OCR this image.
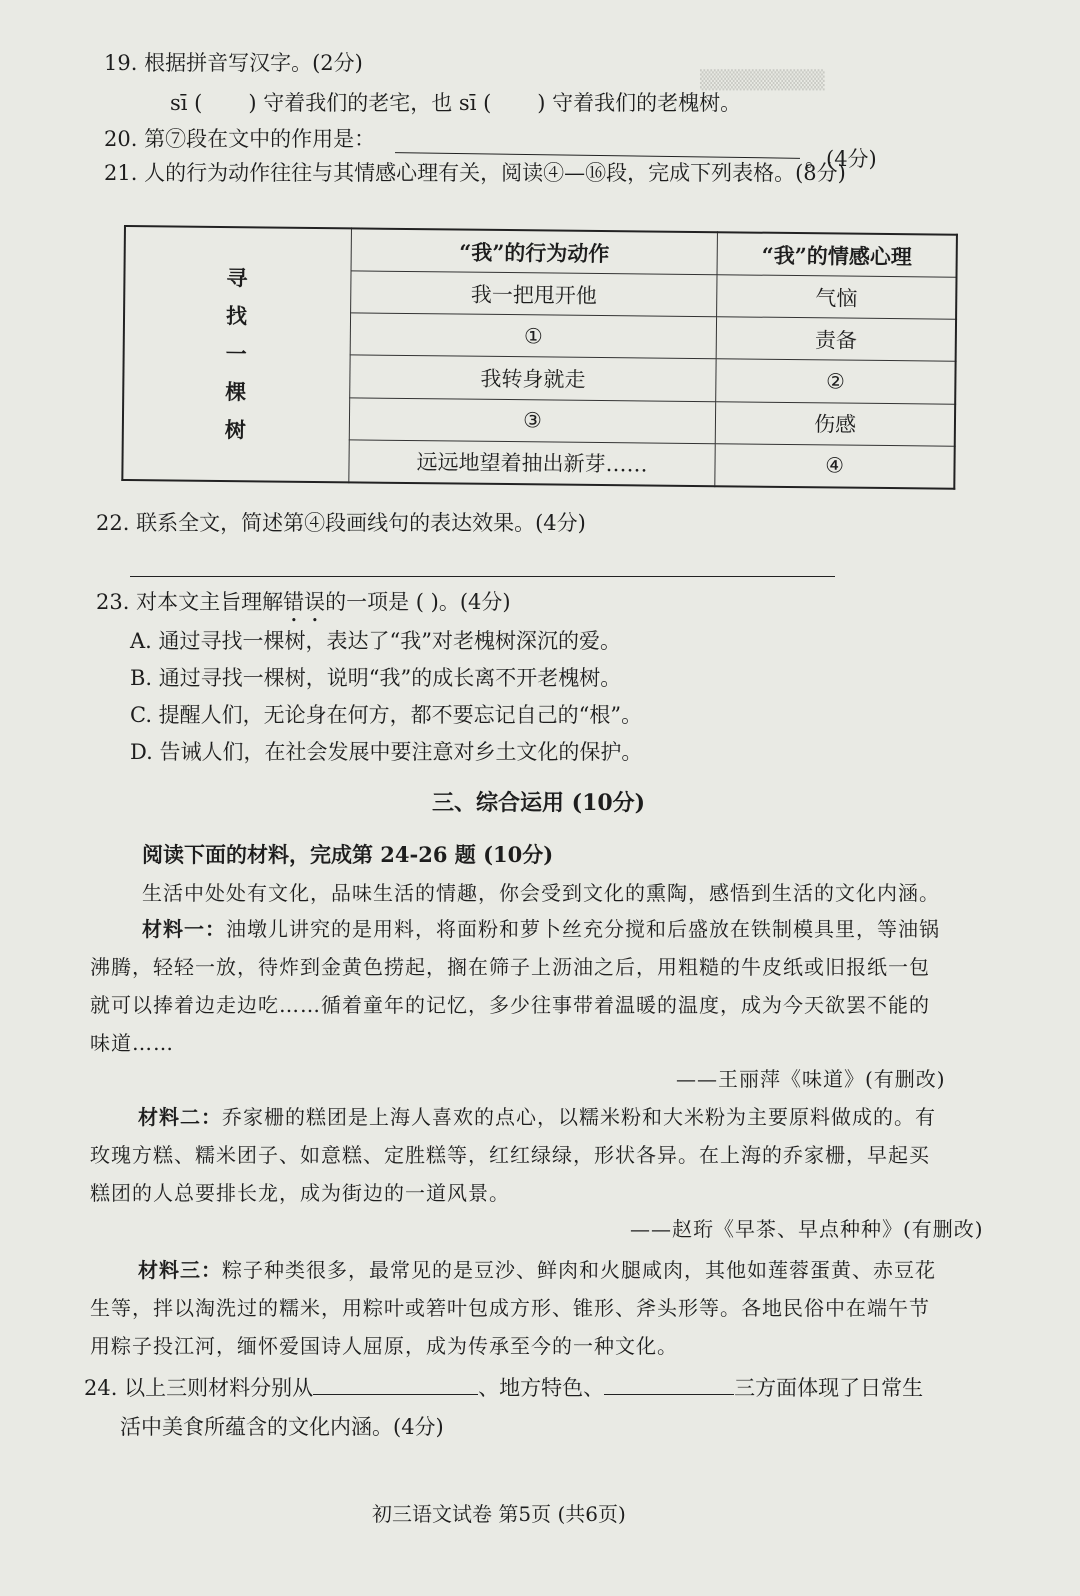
▒▒▒▒▒▒▒▒▒
19. 根据拼音写汉字。(2分)
sī ( ) 守着我们的老宅，也 sī ( ) 守着我们的老槐树。
20. 第⑦段在文中的作用是：
。(4分)
21. 人的行为动作往往与其情感心理有关，阅读④—⑯段，完成下列表格。(8分)
寻
找
一
棵
树	“我”的行为动作	“我”的情感心理
	我一把甩开他	气恼
	①	责备
	我转身就走	②
	③	伤感
	远远地望着抽出新芽……	④
22. 联系全文，简述第④段画线句的表达效果。(4分)
23. 对本文主旨理解错误的一项是 ( )。(4分)
A. 通过寻找一棵树，表达了“我”对老槐树深沉的爱。
B. 通过寻找一棵树，说明“我”的成长离不开老槐树。
C. 提醒人们，无论身在何方，都不要忘记自己的“根”。
D. 告诫人们，在社会发展中要注意对乡土文化的保护。
三、综合运用 (10分)
阅读下面的材料，完成第 24-26 题 (10分)
生活中处处有文化，品味生活的情趣，你会受到文化的熏陶，感悟到生活的文化内涵。
材料一：油墩儿讲究的是用料，将面粉和萝卜丝充分搅和后盛放在铁制模具里，等油锅
沸腾，轻轻一放，待炸到金黄色捞起，搁在筛子上沥油之后，用粗糙的牛皮纸或旧报纸一包
就可以捧着边走边吃……循着童年的记忆，多少往事带着温暖的温度，成为今天欲罢不能的
味道……
——王丽萍《味道》(有删改)
材料二：乔家栅的糕团是上海人喜欢的点心，以糯米粉和大米粉为主要原料做成的。有
玫瑰方糕、糯米团子、如意糕、定胜糕等，红红绿绿，形状各异。在上海的乔家栅，早起买
糕团的人总要排长龙，成为街边的一道风景。
——赵珩《早茶、早点种种》(有删改)
材料三：粽子种类很多，最常见的是豆沙、鲜肉和火腿咸肉，其他如莲蓉蛋黄、赤豆花
生等，拌以淘洗过的糯米，用粽叶或箬叶包成方形、锥形、斧头形等。各地民俗中在端午节
用粽子投江河，缅怀爱国诗人屈原，成为传承至今的一种文化。
24. 以上三则材料分别从	、地方特色、	三方面体现了日常生
活中美食所蕴含的文化内涵。(4分)
初三语文试卷 第5页 (共6页)
